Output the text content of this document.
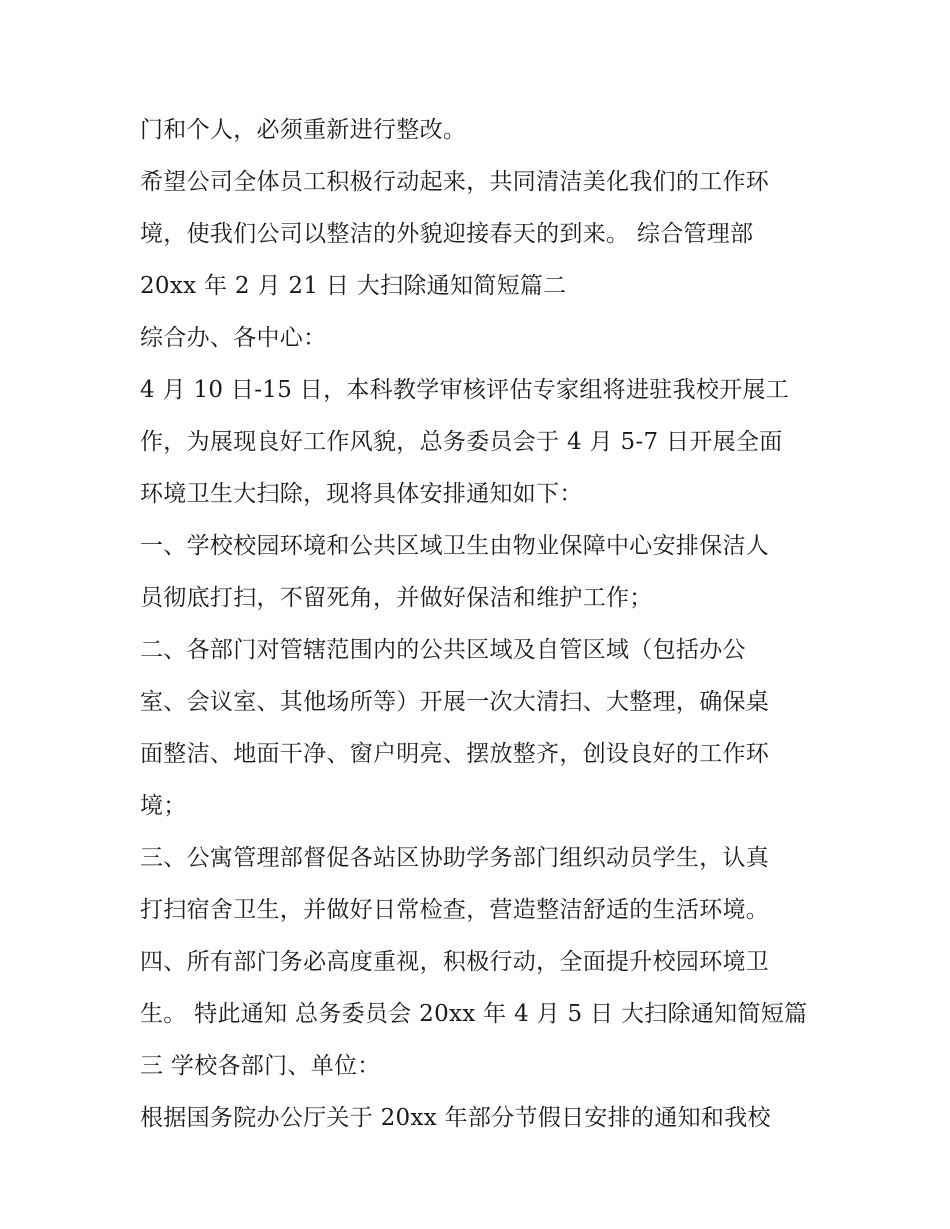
门和个人，必须重新进行整改。
希望公司全体员工积极行动起来，共同清洁美化我们的工作环
境，使我们公司以整洁的外貌迎接春天的到来。 综合管理部
20xx 年 2 月 21 日 大扫除通知简短篇二
综合办、各中心：
4 月 10 日-15 日，本科教学审核评估专家组将进驻我校开展工
作，为展现良好工作风貌，总务委员会于 4 月 5-7 日开展全面
环境卫生大扫除，现将具体安排通知如下：
一、学校校园环境和公共区域卫生由物业保障中心安排保洁人
员彻底打扫，不留死角，并做好保洁和维护工作；
二、各部门对管辖范围内的公共区域及自管区域（包括办公
室、会议室、其他场所等）开展一次大清扫、大整理，确保桌
面整洁、地面干净、窗户明亮、摆放整齐，创设良好的工作环
境；
三、公寓管理部督促各站区协助学务部门组织动员学生，认真
打扫宿舍卫生，并做好日常检查，营造整洁舒适的生活环境。
四、所有部门务必高度重视，积极行动，全面提升校园环境卫
生。 特此通知 总务委员会 20xx 年 4 月 5 日 大扫除通知简短篇
三 学校各部门、单位：
根据国务院办公厅关于 20xx 年部分节假日安排的通知和我校
